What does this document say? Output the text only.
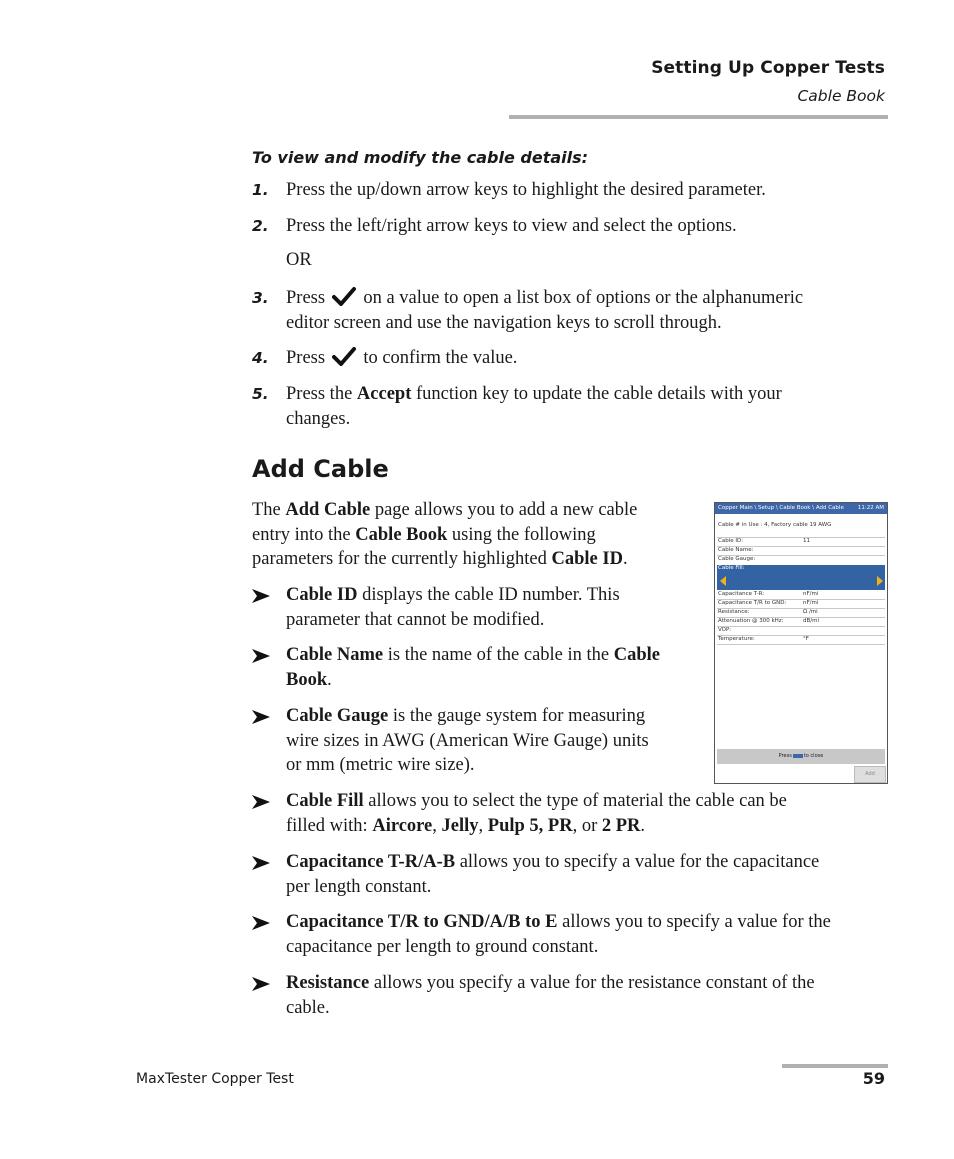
Setting Up Copper Tests
Cable Book
To view and modify the cable details:
1. Press the up/down arrow keys to highlight the desired parameter.
2. Press the left/right arrow keys to view and select the options.
OR
3. Press on a value to open a list box of options or the alphanumeric
editor screen and use the navigation keys to scroll through.
4. Press to confirm the value.
5. Press the Accept function key to update the cable details with your
changes.
Add Cable
The Add Cable page allows you to add a new cable
entry into the Cable Book using the following
parameters for the currently highlighted Cable ID.
Cable ID displays the cable ID number. This
parameter that cannot be modified.
Cable Name is the name of the cable in the Cable
Book.
Cable Gauge is the gauge system for measuring
wire sizes in AWG (American Wire Gauge) units
or mm (metric wire size).
Cable Fill allows you to select the type of material the cable can be
filled with: Aircore, Jelly, Pulp 5, PR, or 2 PR.
Capacitance T-R/A-B allows you to specify a value for the capacitance
per length constant.
Capacitance T/R to GND/A/B to E allows you to specify a value for the
capacitance per length to ground constant.
Resistance allows you specify a value for the resistance constant of the
cable.
Copper Main \ Setup \ Cable Book \ Add Cable	11:22 AM
Cable # in Use : 4, Factory cable 19 AWG
Cable ID:	11
Cable Name:
Cable Gauge:
Cable Fill:
Capacitance T-R:	nF/mi
Capacitance T/R to GND:	nF/mi
Resistance:	Ω /mi
Attenuation @ 300 kHz:	dB/mi
VOP:
Temperature:	°F
Press to close
Add
MaxTester Copper Test	59
